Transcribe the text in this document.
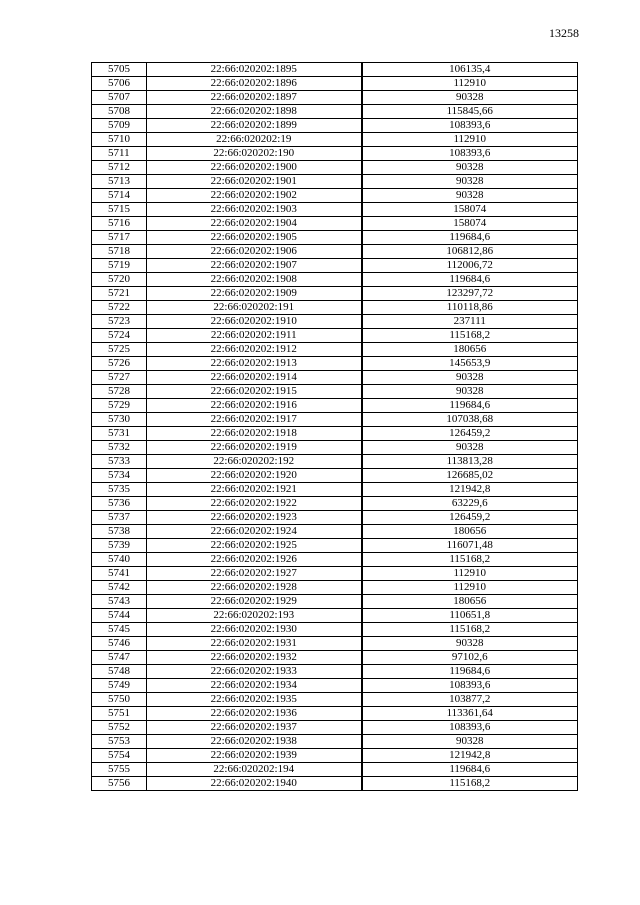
13258
5705	22:66:020202:1895	106135,4
5706	22:66:020202:1896	112910
5707	22:66:020202:1897	90328
5708	22:66:020202:1898	115845,66
5709	22:66:020202:1899	108393,6
5710	22:66:020202:19	112910
5711	22:66:020202:190	108393,6
5712	22:66:020202:1900	90328
5713	22:66:020202:1901	90328
5714	22:66:020202:1902	90328
5715	22:66:020202:1903	158074
5716	22:66:020202:1904	158074
5717	22:66:020202:1905	119684,6
5718	22:66:020202:1906	106812,86
5719	22:66:020202:1907	112006,72
5720	22:66:020202:1908	119684,6
5721	22:66:020202:1909	123297,72
5722	22:66:020202:191	110118,86
5723	22:66:020202:1910	237111
5724	22:66:020202:1911	115168,2
5725	22:66:020202:1912	180656
5726	22:66:020202:1913	145653,9
5727	22:66:020202:1914	90328
5728	22:66:020202:1915	90328
5729	22:66:020202:1916	119684,6
5730	22:66:020202:1917	107038,68
5731	22:66:020202:1918	126459,2
5732	22:66:020202:1919	90328
5733	22:66:020202:192	113813,28
5734	22:66:020202:1920	126685,02
5735	22:66:020202:1921	121942,8
5736	22:66:020202:1922	63229,6
5737	22:66:020202:1923	126459,2
5738	22:66:020202:1924	180656
5739	22:66:020202:1925	116071,48
5740	22:66:020202:1926	115168,2
5741	22:66:020202:1927	112910
5742	22:66:020202:1928	112910
5743	22:66:020202:1929	180656
5744	22:66:020202:193	110651,8
5745	22:66:020202:1930	115168,2
5746	22:66:020202:1931	90328
5747	22:66:020202:1932	97102,6
5748	22:66:020202:1933	119684,6
5749	22:66:020202:1934	108393,6
5750	22:66:020202:1935	103877,2
5751	22:66:020202:1936	113361,64
5752	22:66:020202:1937	108393,6
5753	22:66:020202:1938	90328
5754	22:66:020202:1939	121942,8
5755	22:66:020202:194	119684,6
5756	22:66:020202:1940	115168,2
